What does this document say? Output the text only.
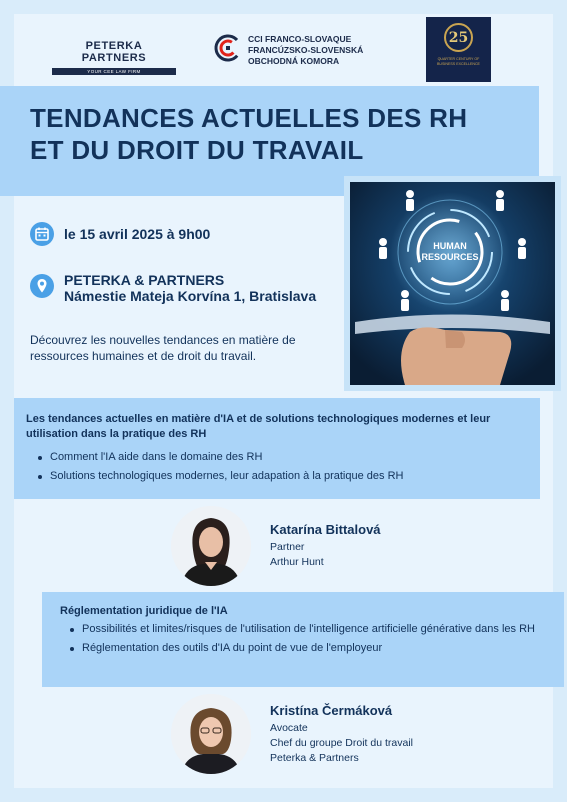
PETERKA PARTNERS
YOUR CEE LAW FIRM
CCI FRANCO-SLOVAQUE
FRANCÚZSKO-SLOVENSKÁ
OBCHODNÁ KOMORA
25
QUARTER CENTURY OF BUSINESS EXCELLENCE
TENDANCES ACTUELLES DES RH
ET DU DROIT DU TRAVAIL
HUMAN
RESOURCES
le 15 avril 2025 à 9h00
PETERKA & PARTNERS
Námestie Mateja Korvína 1, Bratislava
Découvrez les nouvelles tendances en matière de ressources humaines et de droit du travail.
Les tendances actuelles en matière d'IA et de solutions technologiques modernes et leur utilisation dans la pratique des RH
Comment l'IA aide dans le domaine des RH
Solutions technologiques modernes, leur adapation à la pratique des RH
Katarína Bittalová
Partner
Arthur Hunt
Réglementation juridique de l'IA
Possibilités et limites/risques de l'utilisation de l'intelligence artificielle générative dans les RH
Réglementation des outils d'IA du point de vue de l'employeur
Kristína Čermáková
Avocate
Chef du groupe Droit du travail
Peterka & Partners
